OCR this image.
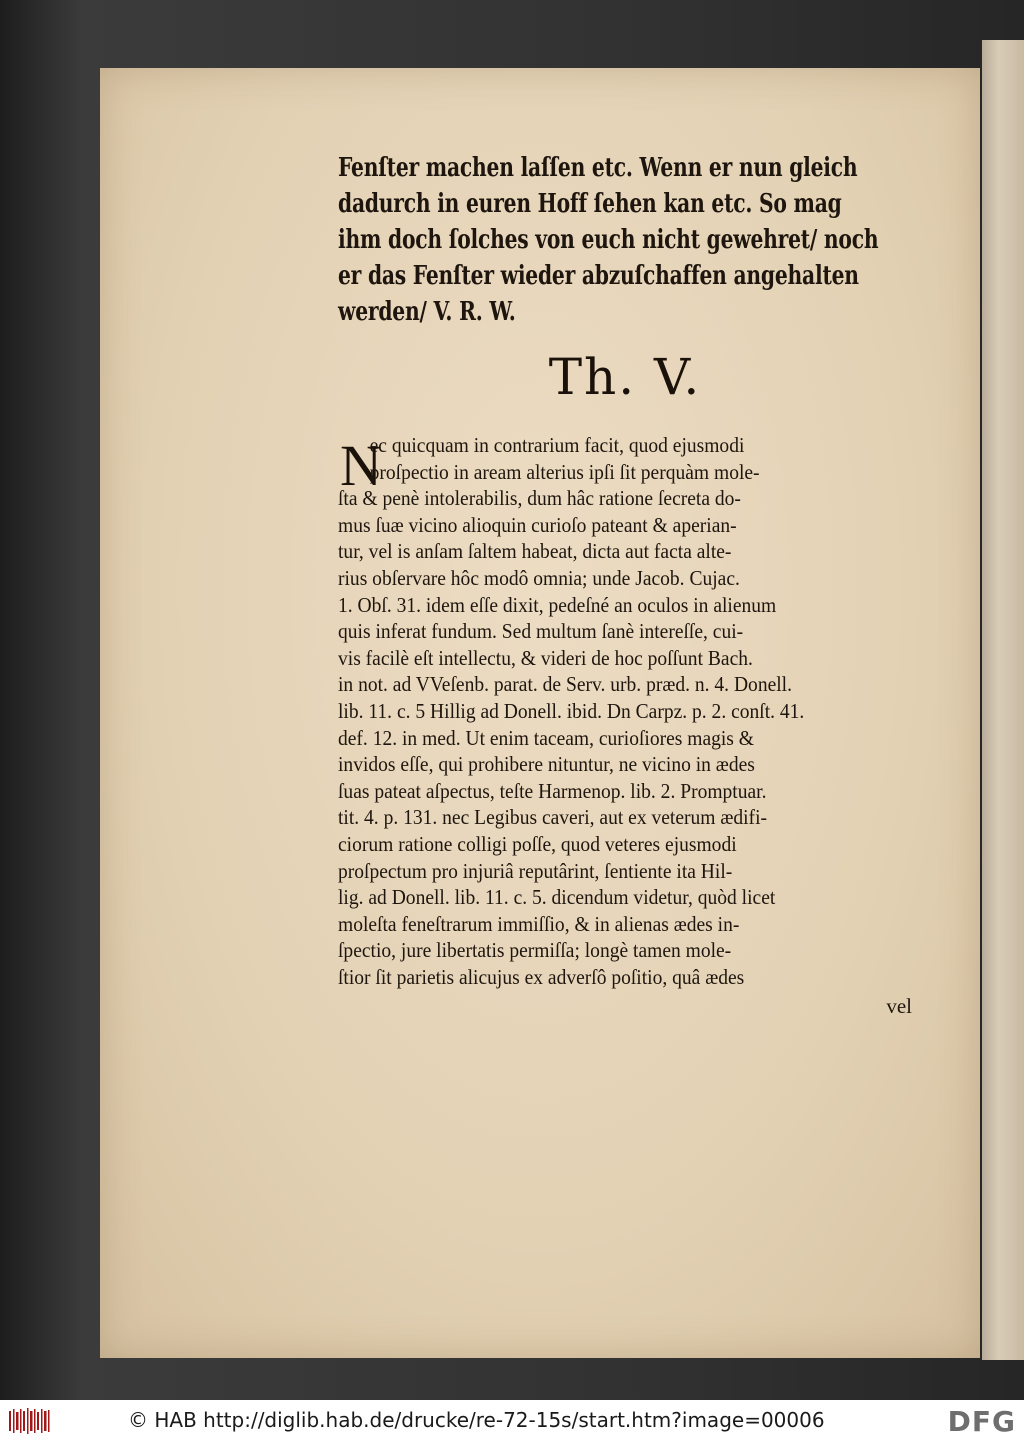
Fenſter machen laſſen etc. Wenn er nun gleich

dadurch in euren Hoff ſehen kan etc. So mag

ihm doch ſolches von euch nicht gewehret/ noch

er das Fenſter wieder abzuſchaffen angehalten

werden/ V. R. W.

Th. V.
N

ec quicquam in contrarium facit, quod ejusmodi

proſpectio in aream alterius ipſi ſit perquàm mole-

ſta & penè intolerabilis, dum hâc ratione ſecreta do-

mus ſuæ vicino alioquin curioſo pateant & aperian-

tur, vel is anſam ſaltem habeat, dicta aut facta alte-

rius obſervare hôc modô omnia; unde Jacob. Cujac.

1. Obſ. 31. idem eſſe dixit, pedeſné an oculos in alienum

quis inferat fundum. Sed multum ſanè intereſſe, cui-

vis facilè eſt intellectu, & videri de hoc poſſunt Bach.

in not. ad VVeſenb. parat. de Serv. urb. præd. n. 4. Donell.

lib. 11. c. 5 Hillig ad Donell. ibid. Dn Carpz. p. 2. conſt. 41.

def. 12. in med. Ut enim taceam, curioſiores magis &

invidos eſſe, qui prohibere nituntur, ne vicino in ædes

ſuas pateat aſpectus, teſte Harmenop. lib. 2. Promptuar.

tit. 4. p. 131. nec Legibus caveri, aut ex veterum ædifi-

ciorum ratione colligi poſſe, quod veteres ejusmodi

proſpectum pro injuriâ reputârint, ſentiente ita Hil-

lig. ad Donell. lib. 11. c. 5. dicendum videtur, quòd licet

moleſta feneſtrarum immiſſio, & in alienas ædes in-

ſpectio, jure libertatis permiſſa; longè tamen mole-

ſtior ſit parietis alicujus ex adverſô poſitio, quâ ædes

vel
© HAB http://diglib.hab.de/drucke/re-72-15s/start.htm?image=00006	DFG
